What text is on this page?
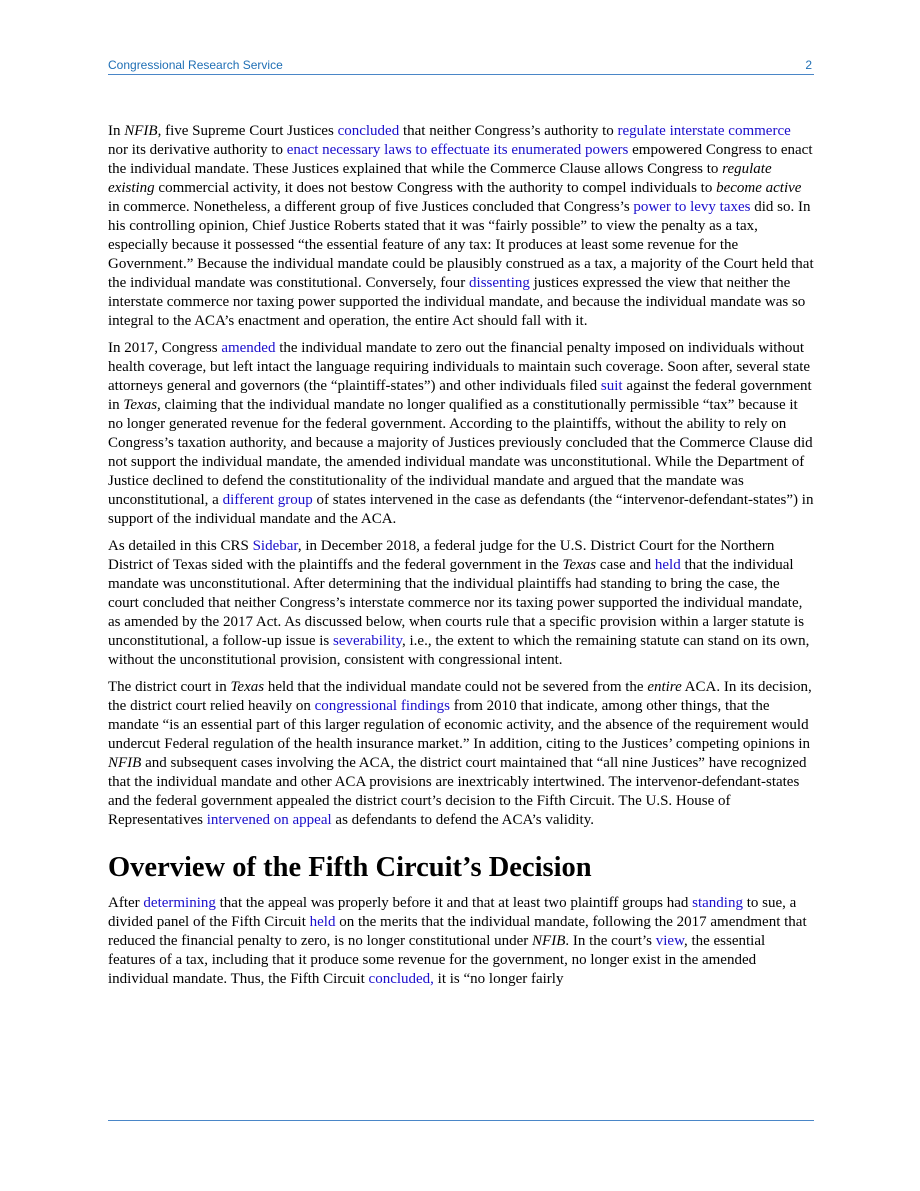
Congressional Research Service	2

In NFIB, five Supreme Court Justices concluded that neither Congress’s authority to regulate interstate commerce nor its derivative authority to enact necessary laws to effectuate its enumerated powers empowered Congress to enact the individual mandate. These Justices explained that while the Commerce Clause allows Congress to regulate existing commercial activity, it does not bestow Congress with the authority to compel individuals to become active in commerce. Nonetheless, a different group of five Justices concluded that Congress’s power to levy taxes did so. In his controlling opinion, Chief Justice Roberts stated that it was “fairly possible” to view the penalty as a tax, especially because it possessed “the essential feature of any tax: It produces at least some revenue for the Government.” Because the individual mandate could be plausibly construed as a tax, a majority of the Court held that the individual mandate was constitutional. Conversely, four dissenting justices expressed the view that neither the interstate commerce nor taxing power supported the individual mandate, and because the individual mandate was so integral to the ACA’s enactment and operation, the entire Act should fall with it.

In 2017, Congress amended the individual mandate to zero out the financial penalty imposed on individuals without health coverage, but left intact the language requiring individuals to maintain such coverage. Soon after, several state attorneys general and governors (the “plaintiff-states”) and other individuals filed suit against the federal government in Texas, claiming that the individual mandate no longer qualified as a constitutionally permissible “tax” because it no longer generated revenue for the federal government. According to the plaintiffs, without the ability to rely on Congress’s taxation authority, and because a majority of Justices previously concluded that the Commerce Clause did not support the individual mandate, the amended individual mandate was unconstitutional. While the Department of Justice declined to defend the constitutionality of the individual mandate and argued that the mandate was unconstitutional, a different group of states intervened in the case as defendants (the “intervenor-defendant-states”) in support of the individual mandate and the ACA.

As detailed in this CRS Sidebar, in December 2018, a federal judge for the U.S. District Court for the Northern District of Texas sided with the plaintiffs and the federal government in the Texas case and held that the individual mandate was unconstitutional. After determining that the individual plaintiffs had standing to bring the case, the court concluded that neither Congress’s interstate commerce nor its taxing power supported the individual mandate, as amended by the 2017 Act. As discussed below, when courts rule that a specific provision within a larger statute is unconstitutional, a follow-up issue is severability, i.e., the extent to which the remaining statute can stand on its own, without the unconstitutional provision, consistent with congressional intent.

The district court in Texas held that the individual mandate could not be severed from the entire ACA. In its decision, the district court relied heavily on congressional findings from 2010 that indicate, among other things, that the mandate “is an essential part of this larger regulation of economic activity, and the absence of the requirement would undercut Federal regulation of the health insurance market.” In addition, citing to the Justices’ competing opinions in NFIB and subsequent cases involving the ACA, the district court maintained that “all nine Justices” have recognized that the individual mandate and other ACA provisions are inextricably intertwined. The intervenor-defendant-states and the federal government appealed the district court’s decision to the Fifth Circuit. The U.S. House of Representatives intervened on appeal as defendants to defend the ACA’s validity.

Overview of the Fifth Circuit’s Decision

After determining that the appeal was properly before it and that at least two plaintiff groups had standing to sue, a divided panel of the Fifth Circuit held on the merits that the individual mandate, following the 2017 amendment that reduced the financial penalty to zero, is no longer constitutional under NFIB. In the court’s view, the essential features of a tax, including that it produce some revenue for the government, no longer exist in the amended individual mandate. Thus, the Fifth Circuit concluded, it is “no longer fairly
